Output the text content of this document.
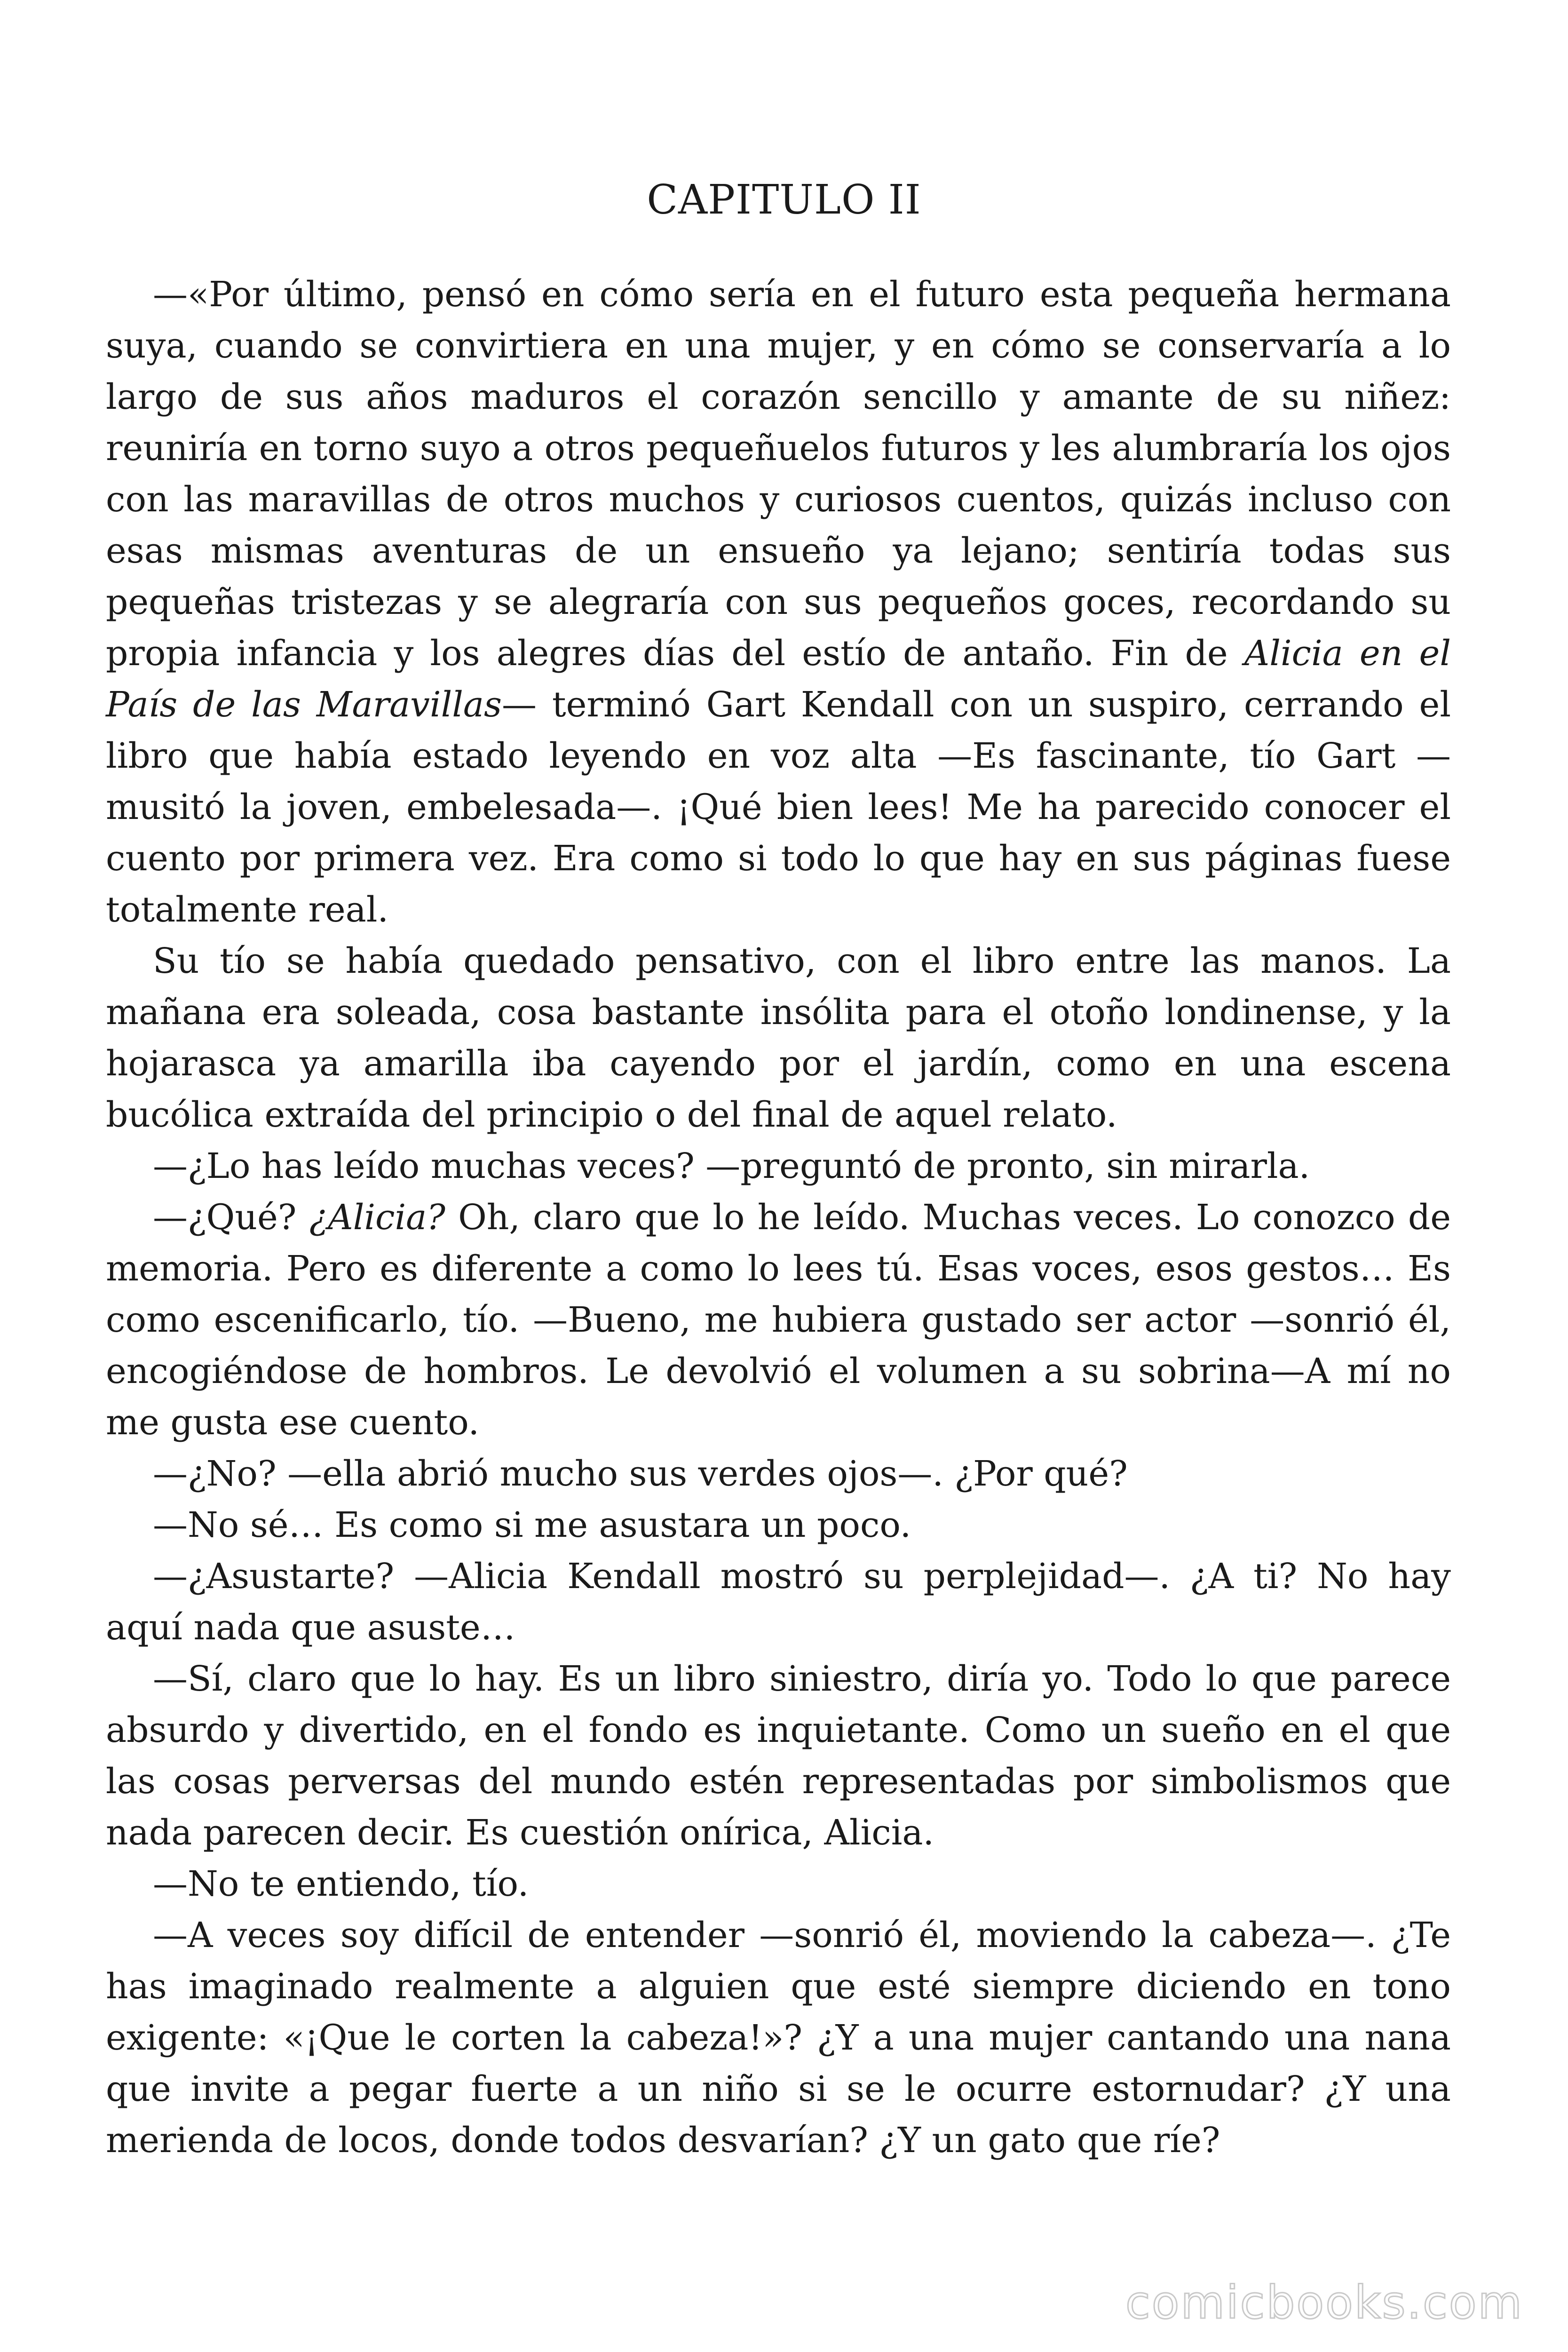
CAPITULO II

—«Por último, pensó en cómo sería en el futuro esta pequeña hermana suya, cuando se convirtiera en una mujer, y en cómo se conservaría a lo largo de sus años maduros el corazón sencillo y amante de su niñez: reuniría en torno suyo a otros pequeñuelos futuros y les alumbraría los ojos con las maravillas de otros muchos y curiosos cuentos, quizás incluso con esas mismas aventuras de un ensueño ya lejano; sentiría todas sus pequeñas tristezas y se alegraría con sus pequeños goces, recordando su propia infancia y los alegres días del estío de antaño. Fin de Alicia en el País de las Maravillas— terminó Gart Kendall con un suspiro, cerrando el libro que había estado leyendo en voz alta —Es fascinante, tío Gart —musitó la joven, embelesada—. ¡Qué bien lees! Me ha parecido conocer el cuento por primera vez. Era como si todo lo que hay en sus páginas fuese totalmente real.

Su tío se había quedado pensativo, con el libro entre las manos. La mañana era soleada, cosa bastante insólita para el otoño londinense, y la hojarasca ya amarilla iba cayendo por el jardín, como en una escena bucólica extraída del principio o del final de aquel relato.

—¿Lo has leído muchas veces? —preguntó de pronto, sin mirarla.

—¿Qué? ¿Alicia? Oh, claro que lo he leído. Muchas veces. Lo conozco de memoria. Pero es diferente a como lo lees tú. Esas voces, esos gestos… Es como escenificarlo, tío. —Bueno, me hubiera gustado ser actor —sonrió él, encogiéndose de hombros. Le devolvió el volumen a su sobrina—A mí no me gusta ese cuento.

—¿No? —ella abrió mucho sus verdes ojos—. ¿Por qué?

—No sé… Es como si me asustara un poco.

—¿Asustarte? —Alicia Kendall mostró su perplejidad—. ¿A ti? No hay aquí nada que asuste…

—Sí, claro que lo hay. Es un libro siniestro, diría yo. Todo lo que parece absurdo y divertido, en el fondo es inquietante. Como un sueño en el que las cosas perversas del mundo estén representadas por simbolismos que nada parecen decir. Es cuestión onírica, Alicia.

—No te entiendo, tío.

—A veces soy difícil de entender —sonrió él, moviendo la cabeza—. ¿Te has imaginado realmente a alguien que esté siempre diciendo en tono exigente: «¡Que le corten la cabeza!»? ¿Y a una mujer cantando una nana que invite a pegar fuerte a un niño si se le ocurre estornudar? ¿Y una merienda de locos, donde todos desvarían? ¿Y un gato que ríe?

comicbooks.com
